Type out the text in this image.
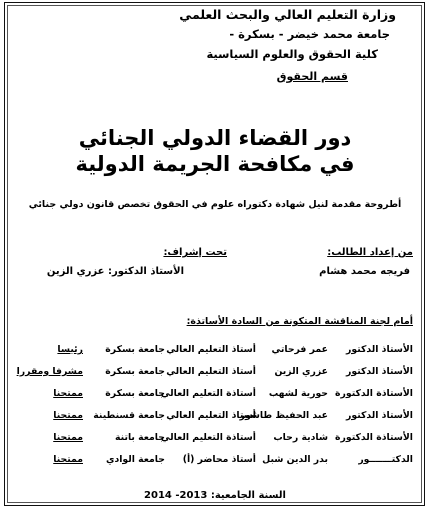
وزارة التعليم العالي والبحث العلمي
جامعة محمد خيضر - بسكرة -
كلية الحقوق والعلوم السياسية
قسم الحقوق
دور القضاء الدولي الجنائي
في مكافحة الجريمة الدولية
أطروحة مقدمة لنيل شهادة دكتوراه علوم في الحقوق تخصص قانون دولي جنائي
من إعداد الطالب:
تحت إشراف:
فريجه محمد هشام
الأستاذ الدكتور: عزري الزين
أمام لجنة المناقشة المتكونة من السادة الأساتذة:
الأستاذ الدكتور
عمر فرحاتي
أستاذ التعليم العالي
جامعة بسكرة
رئيسا
الأستاذ الدكتور
عزري الزين
أستاذ التعليم العالي
جامعة بسكرة
مشرفا ومقررا
الأستاذة الدكتورة
حورية لشهب
أستاذة التعليم العالي
جامعة بسكرة
ممتحنا
الأستاذ الدكتور
عبد الحفيظ طاشور
أستاذ التعليم العالي
جامعة قسنطينة
ممتحنا
الأستاذة الدكتورة
شادية رحاب
أستاذة التعليم العالي
جامعة باتنة
ممتحنا
الدكتـــــــور
بدر الدين شبل
أستاذ محاضر (أ)
جامعة الوادي
ممتحنا
السنة الجامعية: 2013- 2014
